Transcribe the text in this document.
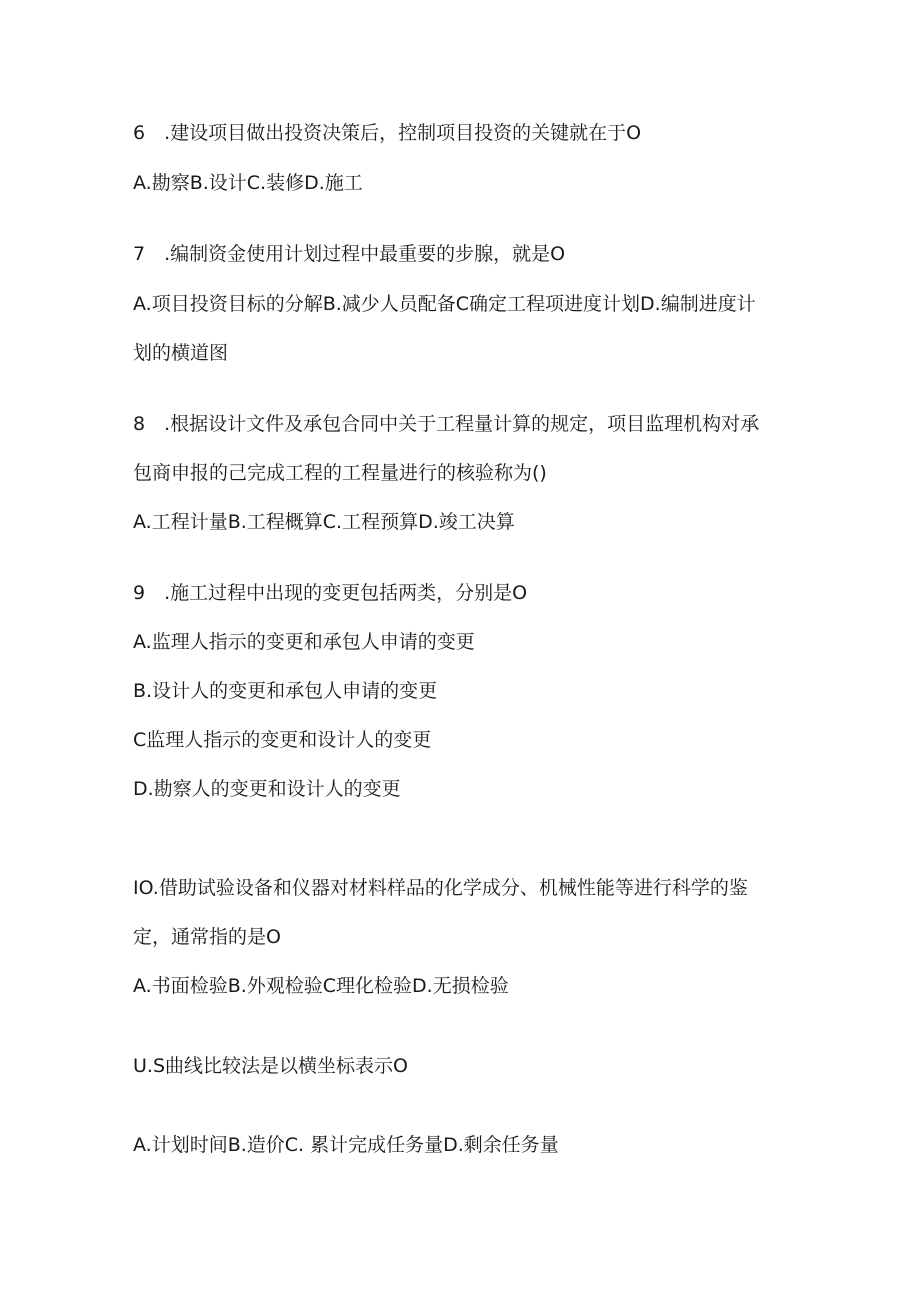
6　.建设项目做出投资决策后，控制项目投资的关键就在于O
A.勘察B.设计C.装修D.施工
7　.编制资金使用计划过程中最重要的步腺，就是O
A.项目投资目标的分解B.减少人员配备C确定工程项进度计划D.编制进度计
划的横道图
8　.根据设计文件及承包合同中关于工程量计算的规定，项目监理机构对承
包商申报的己完成工程的工程量进行的核验称为()
A.工程计量B.工程概算C.工程预算D.竣工决算
9　.施工过程中出现的变更包括两类，分别是O
A.监理人指示的变更和承包人申请的变更
B.设计人的变更和承包人申请的变更
C监理人指示的变更和设计人的变更
D.勘察人的变更和设计人的变更
IO.借助试验设备和仪器对材料样品的化学成分、机械性能等进行科学的鉴
定，通常指的是O
A.书面检验B.外观检验C理化检验D.无损检验
U.S曲线比较法是以横坐标表示O
A.计划时间B.造价C. 累计完成任务量D.剩余任务量
